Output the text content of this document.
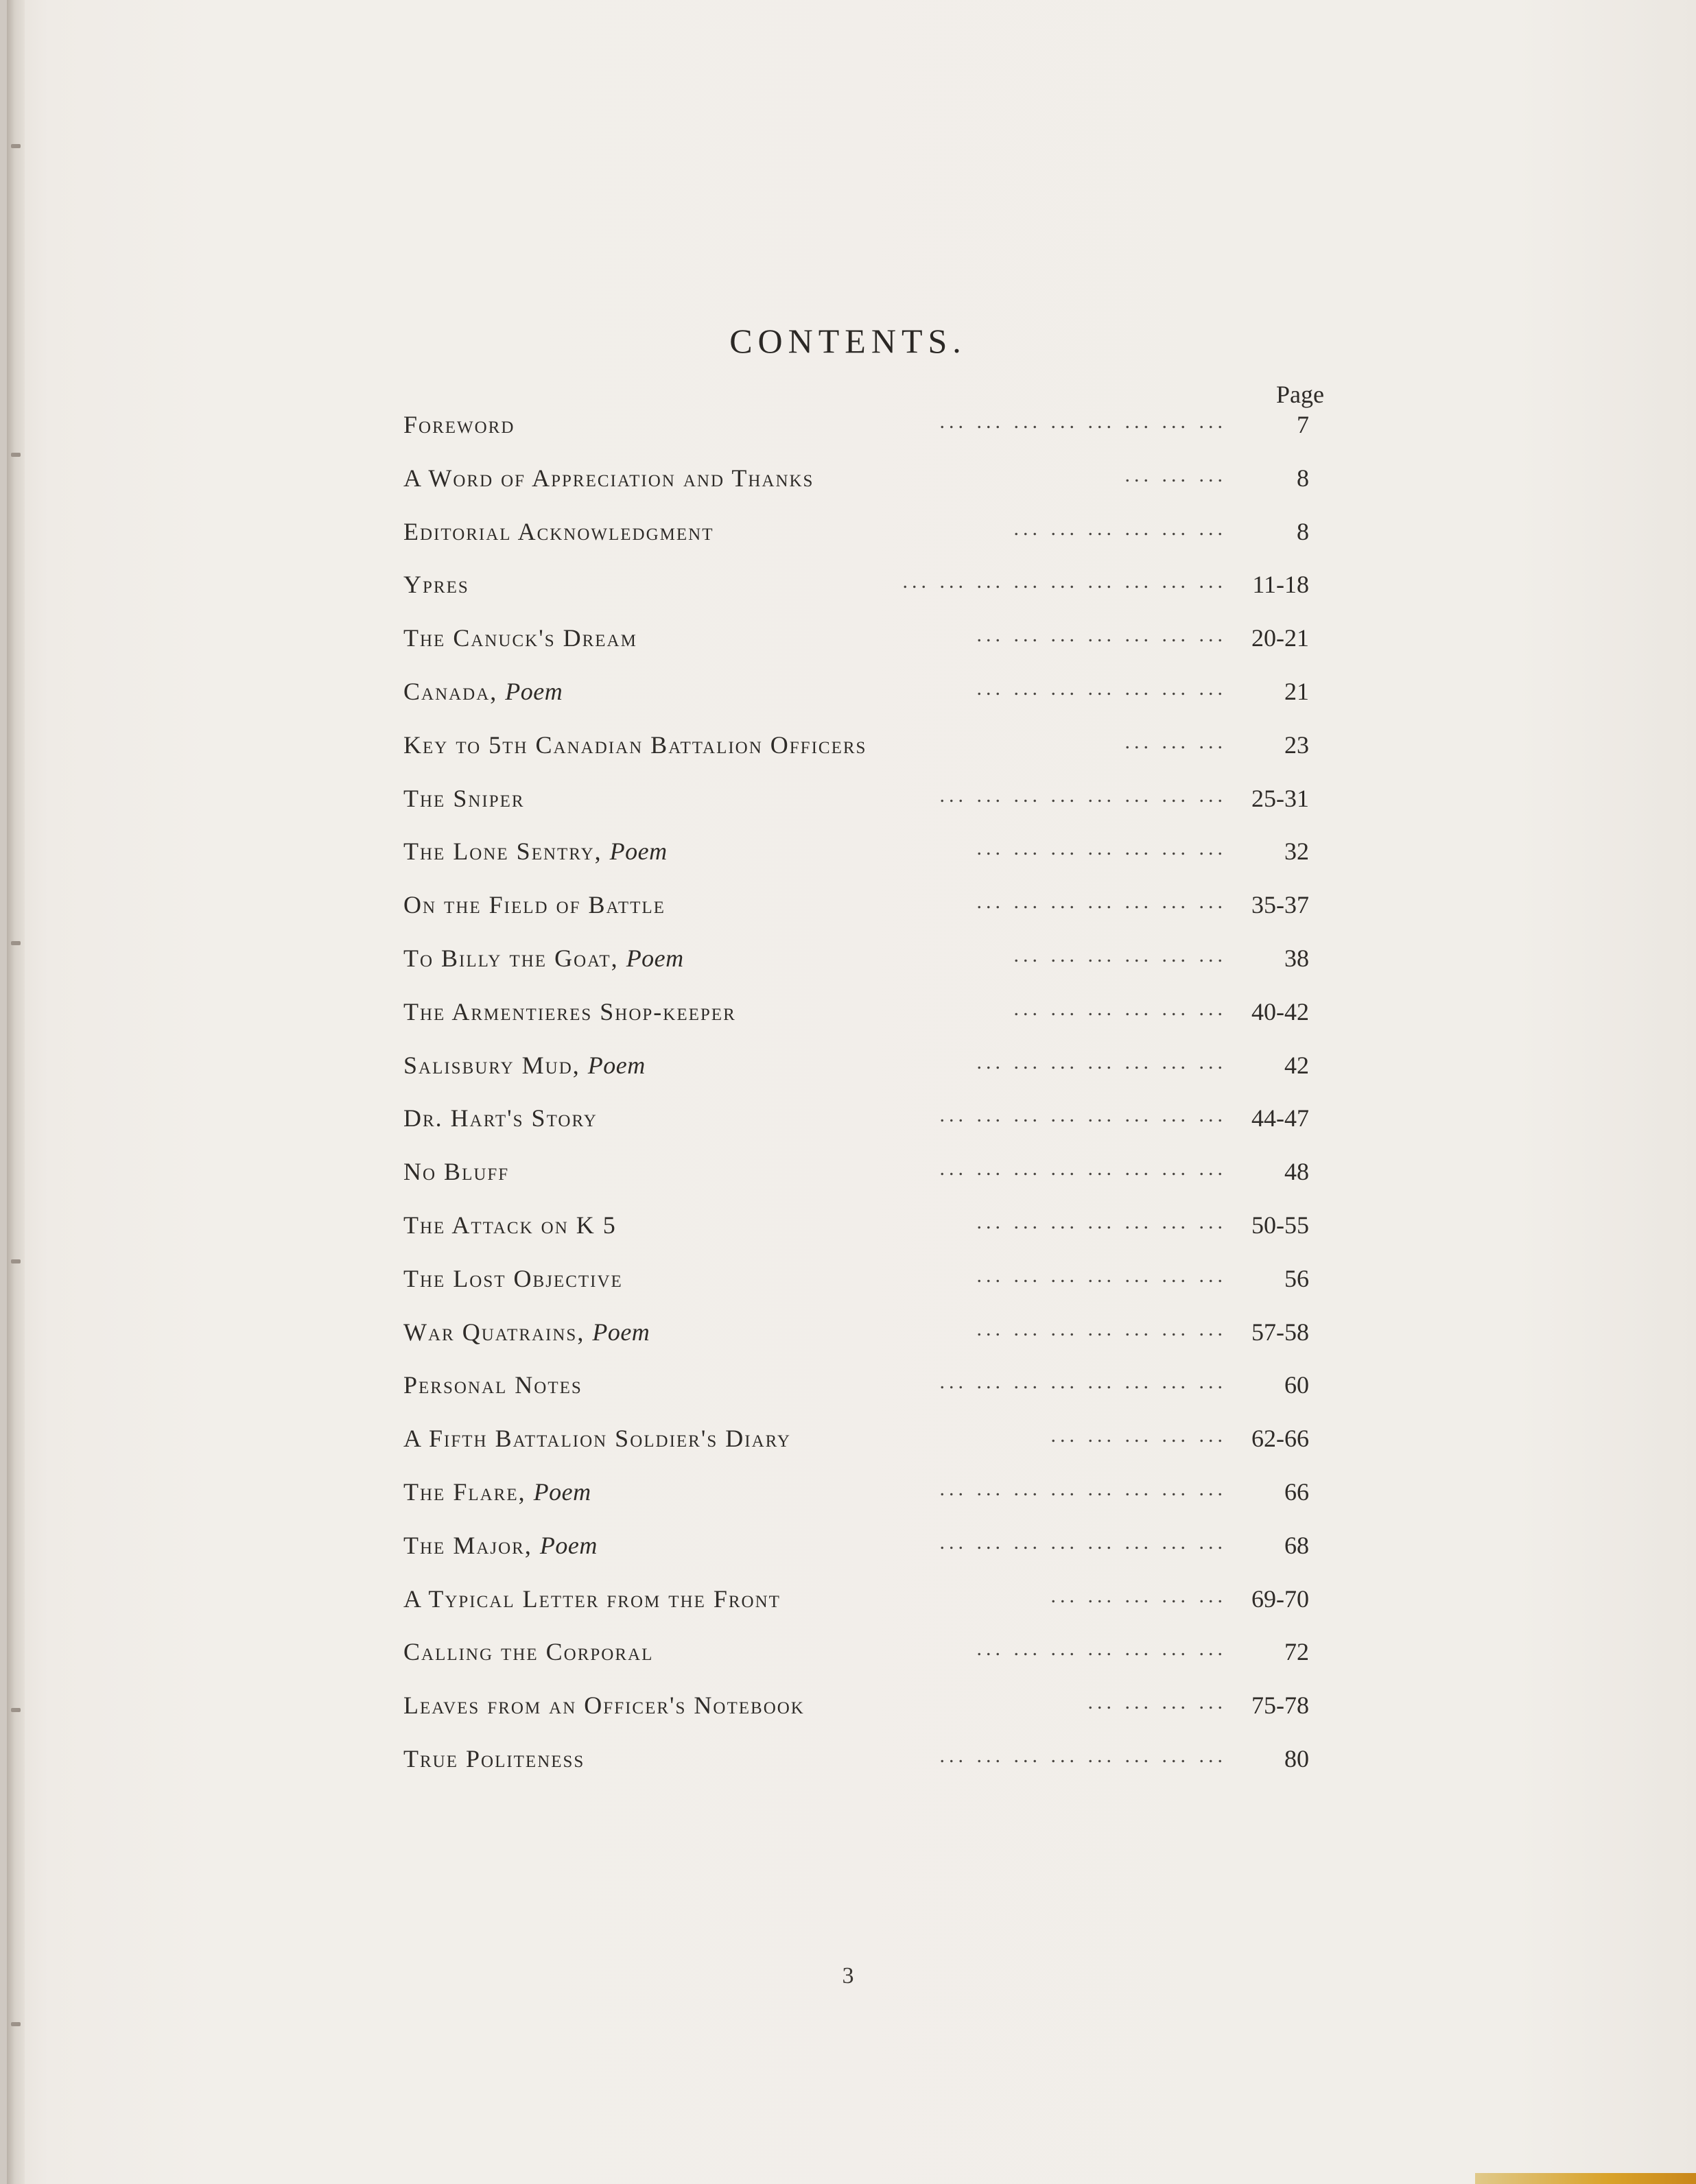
CONTENTS.
Page
Foreword	... ... ... ... ... ... ... ...	7
A Word of Appreciation and Thanks	... ... ...	8
Editorial Acknowledgment	... ... ... ... ... ...	8
Ypres	... ... ... ... ... ... ... ... ...	11-18
The Canuck's Dream	... ... ... ... ... ... ...	20-21
Canada, Poem	... ... ... ... ... ... ...	21
Key to 5th Canadian Battalion Officers	... ... ...	23
The Sniper	... ... ... ... ... ... ... ...	25-31
The Lone Sentry, Poem	... ... ... ... ... ... ...	32
On the Field of Battle	... ... ... ... ... ... ...	35-37
To Billy the Goat, Poem	... ... ... ... ... ...	38
The Armentieres Shop-keeper	... ... ... ... ... ...	40-42
Salisbury Mud, Poem	... ... ... ... ... ... ...	42
Dr. Hart's Story	... ... ... ... ... ... ... ...	44-47
No Bluff	... ... ... ... ... ... ... ...	48
The Attack on K 5	... ... ... ... ... ... ...	50-55
The Lost Objective	... ... ... ... ... ... ...	56
War Quatrains, Poem	... ... ... ... ... ... ...	57-58
Personal Notes	... ... ... ... ... ... ... ...	60
A Fifth Battalion Soldier's Diary	... ... ... ... ...	62-66
The Flare, Poem	... ... ... ... ... ... ... ...	66
The Major, Poem	... ... ... ... ... ... ... ...	68
A Typical Letter from the Front	... ... ... ... ...	69-70
Calling the Corporal	... ... ... ... ... ... ...	72
Leaves from an Officer's Notebook	... ... ... ...	75-78
True Politeness	... ... ... ... ... ... ... ...	80
3
